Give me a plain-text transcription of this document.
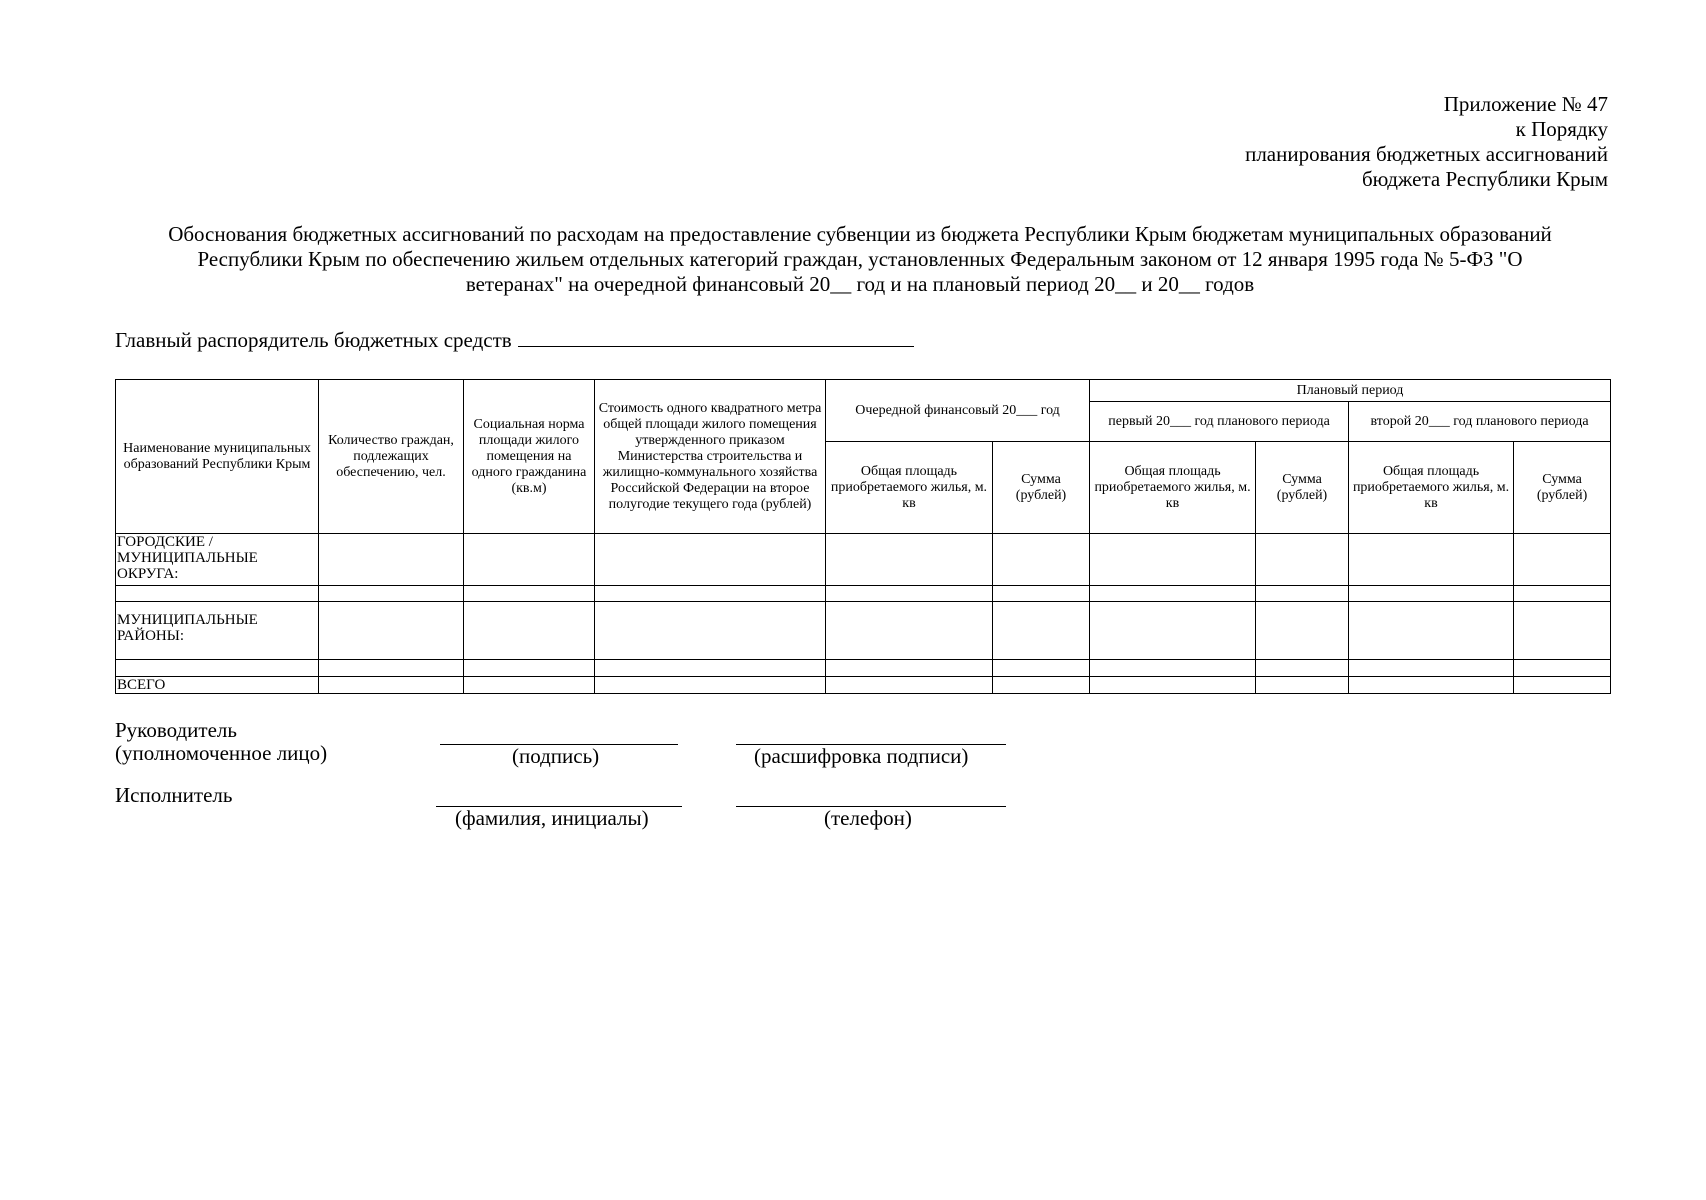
Приложение № 47
к Порядку
планирования бюджетных ассигнований
бюджета Республики Крым
Обоснования бюджетных ассигнований по расходам на предоставление субвенции из бюджета Республики Крым бюджетам муниципальных образований
Республики Крым по обеспечению жильем отдельных категорий граждан, установленных Федеральным законом от 12 января 1995 года № 5-ФЗ "О
ветеранах" на очередной финансовый 20__ год и на плановый период 20__ и 20__ годов
Главный распорядитель бюджетных средств
Наименование муниципальных образований Республики Крым	Количество граждан, подлежащих обеспечению, чел.	Социальная норма площади жилого помещения на одного гражданина (кв.м)	Стоимость одного квадратного метра общей площади жилого помещения утвержденного приказом Министерства строительства и жилищно-коммунального хозяйства Российской Федерации на второе полугодие текущего года (рублей)	Очередной финансовый 20___ год		Плановый период			
						первый 20___ год планового периода		второй 20___ год планового периода	
				Общая площадь приобретаемого жилья, м. кв	Сумма (рублей)	Общая площадь приобретаемого жилья, м. кв	Сумма (рублей)	Общая площадь приобретаемого жилья, м. кв	Сумма (рублей)
ГОРОДСКИЕ /МУНИЦИПАЛЬНЫЕ ОКРУГА:									

МУНИЦИПАЛЬНЫЕ РАЙОНЫ:									

ВСЕГО									
Руководитель
(уполномоченное лицо)	(подпись)	(расшифровка подписи)
Исполнитель
(фамилия, инициалы)	(телефон)
